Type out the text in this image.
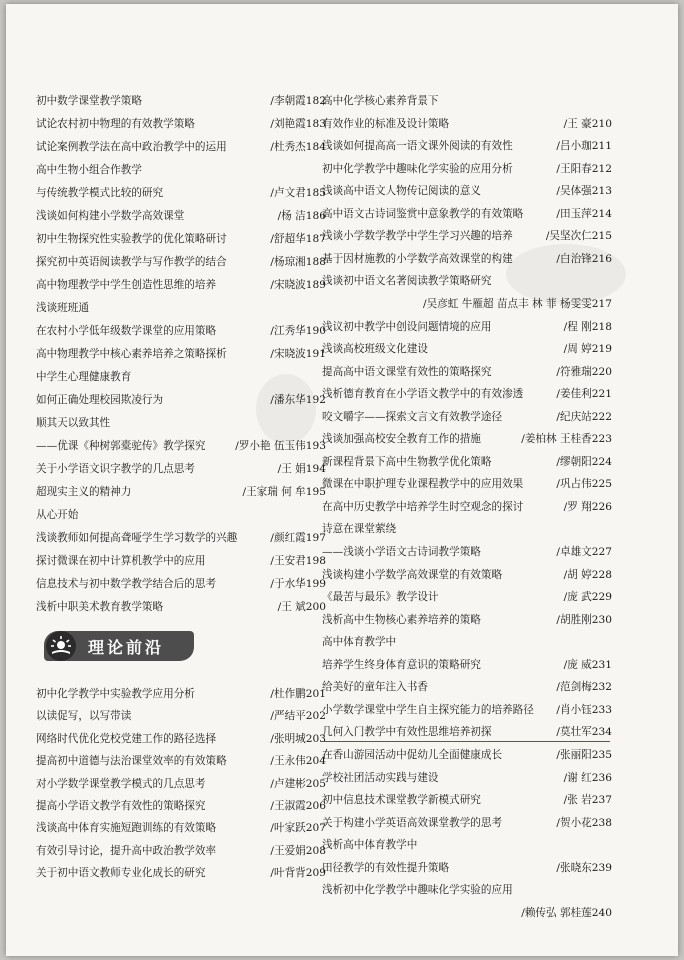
初中数学课堂教学策略	/李朝霞182
试论农村初中物理的有效教学策略	/刘艳霞183
试论案例教学法在高中政治教学中的运用	/杜秀杰184
高中生物小组合作教学
与传统教学模式比较的研究	/卢文君185
浅谈如何构建小学数学高效课堂	/杨 洁186
初中生物探究性实验教学的优化策略研讨	/舒超华187
探究初中英语阅读教学与写作教学的结合	/杨琼湘188
高中物理教学中学生创造性思维的培养	/宋晓波189
浅谈班班通
在农村小学低年级数学课堂的应用策略	/江秀华190
高中物理教学中核心素养培养之策略探析	/宋晓波191
中学生心理健康教育
如何正确处理校园欺凌行为	/潘东华192
顺其天以致其性
——优课《种树郭橐驼传》教学探究	/罗小艳 伍玉伟193
关于小学语文识字教学的几点思考	/王 娟194
超现实主义的精神力	/王家瑞 何 牟195
从心开始
浅谈教师如何提高聋哑学生学习数学的兴趣	/颜红霞197
探讨微课在初中计算机教学中的应用	/王安君198
信息技术与初中数学教学结合后的思考	/于水华199
浅析中职美术教育教学策略	/王 斌200
初中化学教学中实验教学应用分析	/杜作鹏201
以读促写，以写带读	/严结平202
网络时代优化党校党建工作的路径选择	/张明城203
提高初中道德与法治课堂效率的有效策略	/王永伟204
对小学数学课堂教学模式的几点思考	/卢建彬205
提高小学语文教学有效性的策略探究	/王淑霞206
浅谈高中体育实施短跑训练的有效策略	/叶家跃207
有效引导讨论，提升高中政治教学效率	/王爱娟208
关于初中语文教师专业化成长的研究	/叶背背209
高中化学核心素养背景下
有效作业的标准及设计策略	/王 豪210
浅谈如何提高高一语文课外阅读的有效性	/吕小珈211
初中化学教学中趣味化学实验的应用分析	/王阳春212
浅谈高中语文人物传记阅读的意义	/吴体强213
高中语文古诗词鉴赏中意象教学的有效策略	/田玉萍214
浅谈小学数学教学中学生学习兴趣的培养	/吴坚次仁215
基于因材施教的小学数学高效课堂的构建	/白治锋216
浅谈初中语文名著阅读教学策略研究
/吴彦虹 牛雁超 苗点丰 林 菲 杨雯雯217
浅议初中教学中创设问题情境的应用	/程 刚218
浅谈高校班级文化建设	/周 婷219
提高高中语文课堂有效性的策略探究	/符雅瑞220
浅析德育教育在小学语文教学中的有效渗透	/姜佳利221
咬文嚼字——探索文言文有效教学途径	/纪庆站222
浅谈加强高校安全教育工作的措施	/姜柏林 王桂香223
新课程背景下高中生物教学优化策略	/缪朝阳224
微课在中职护理专业课程教学中的应用效果	/巩占伟225
在高中历史教学中培养学生时空观念的探讨	/罗 翔226
诗意在课堂萦绕
——浅谈小学语文古诗词教学策略	/卓雄文227
浅谈构建小学数学高效课堂的有效策略	/胡 婷228
《最苦与最乐》教学设计	/庞 武229
浅析高中生物核心素养培养的策略	/胡胜刚230
高中体育教学中
培养学生终身体育意识的策略研究	/庞 威231
给美好的童年注入书香	/范剑梅232
小学数学课堂中学生自主探究能力的培养路径	/肖小钰233
几何入门教学中有效性思维培养初探	/莫壮军234
在香山游园活动中促幼儿全面健康成长	/张丽阳235
学校社团活动实践与建设	/谢 红236
初中信息技术课堂教学新模式研究	/张 岩237
关于构建小学英语高效课堂教学的思考	/贺小花238
浅析高中体育教学中
田径教学的有效性提升策略	/张晓东239
浅析初中化学教学中趣味化学实验的应用
/赖传弘 郭桂莲240
理论前沿
